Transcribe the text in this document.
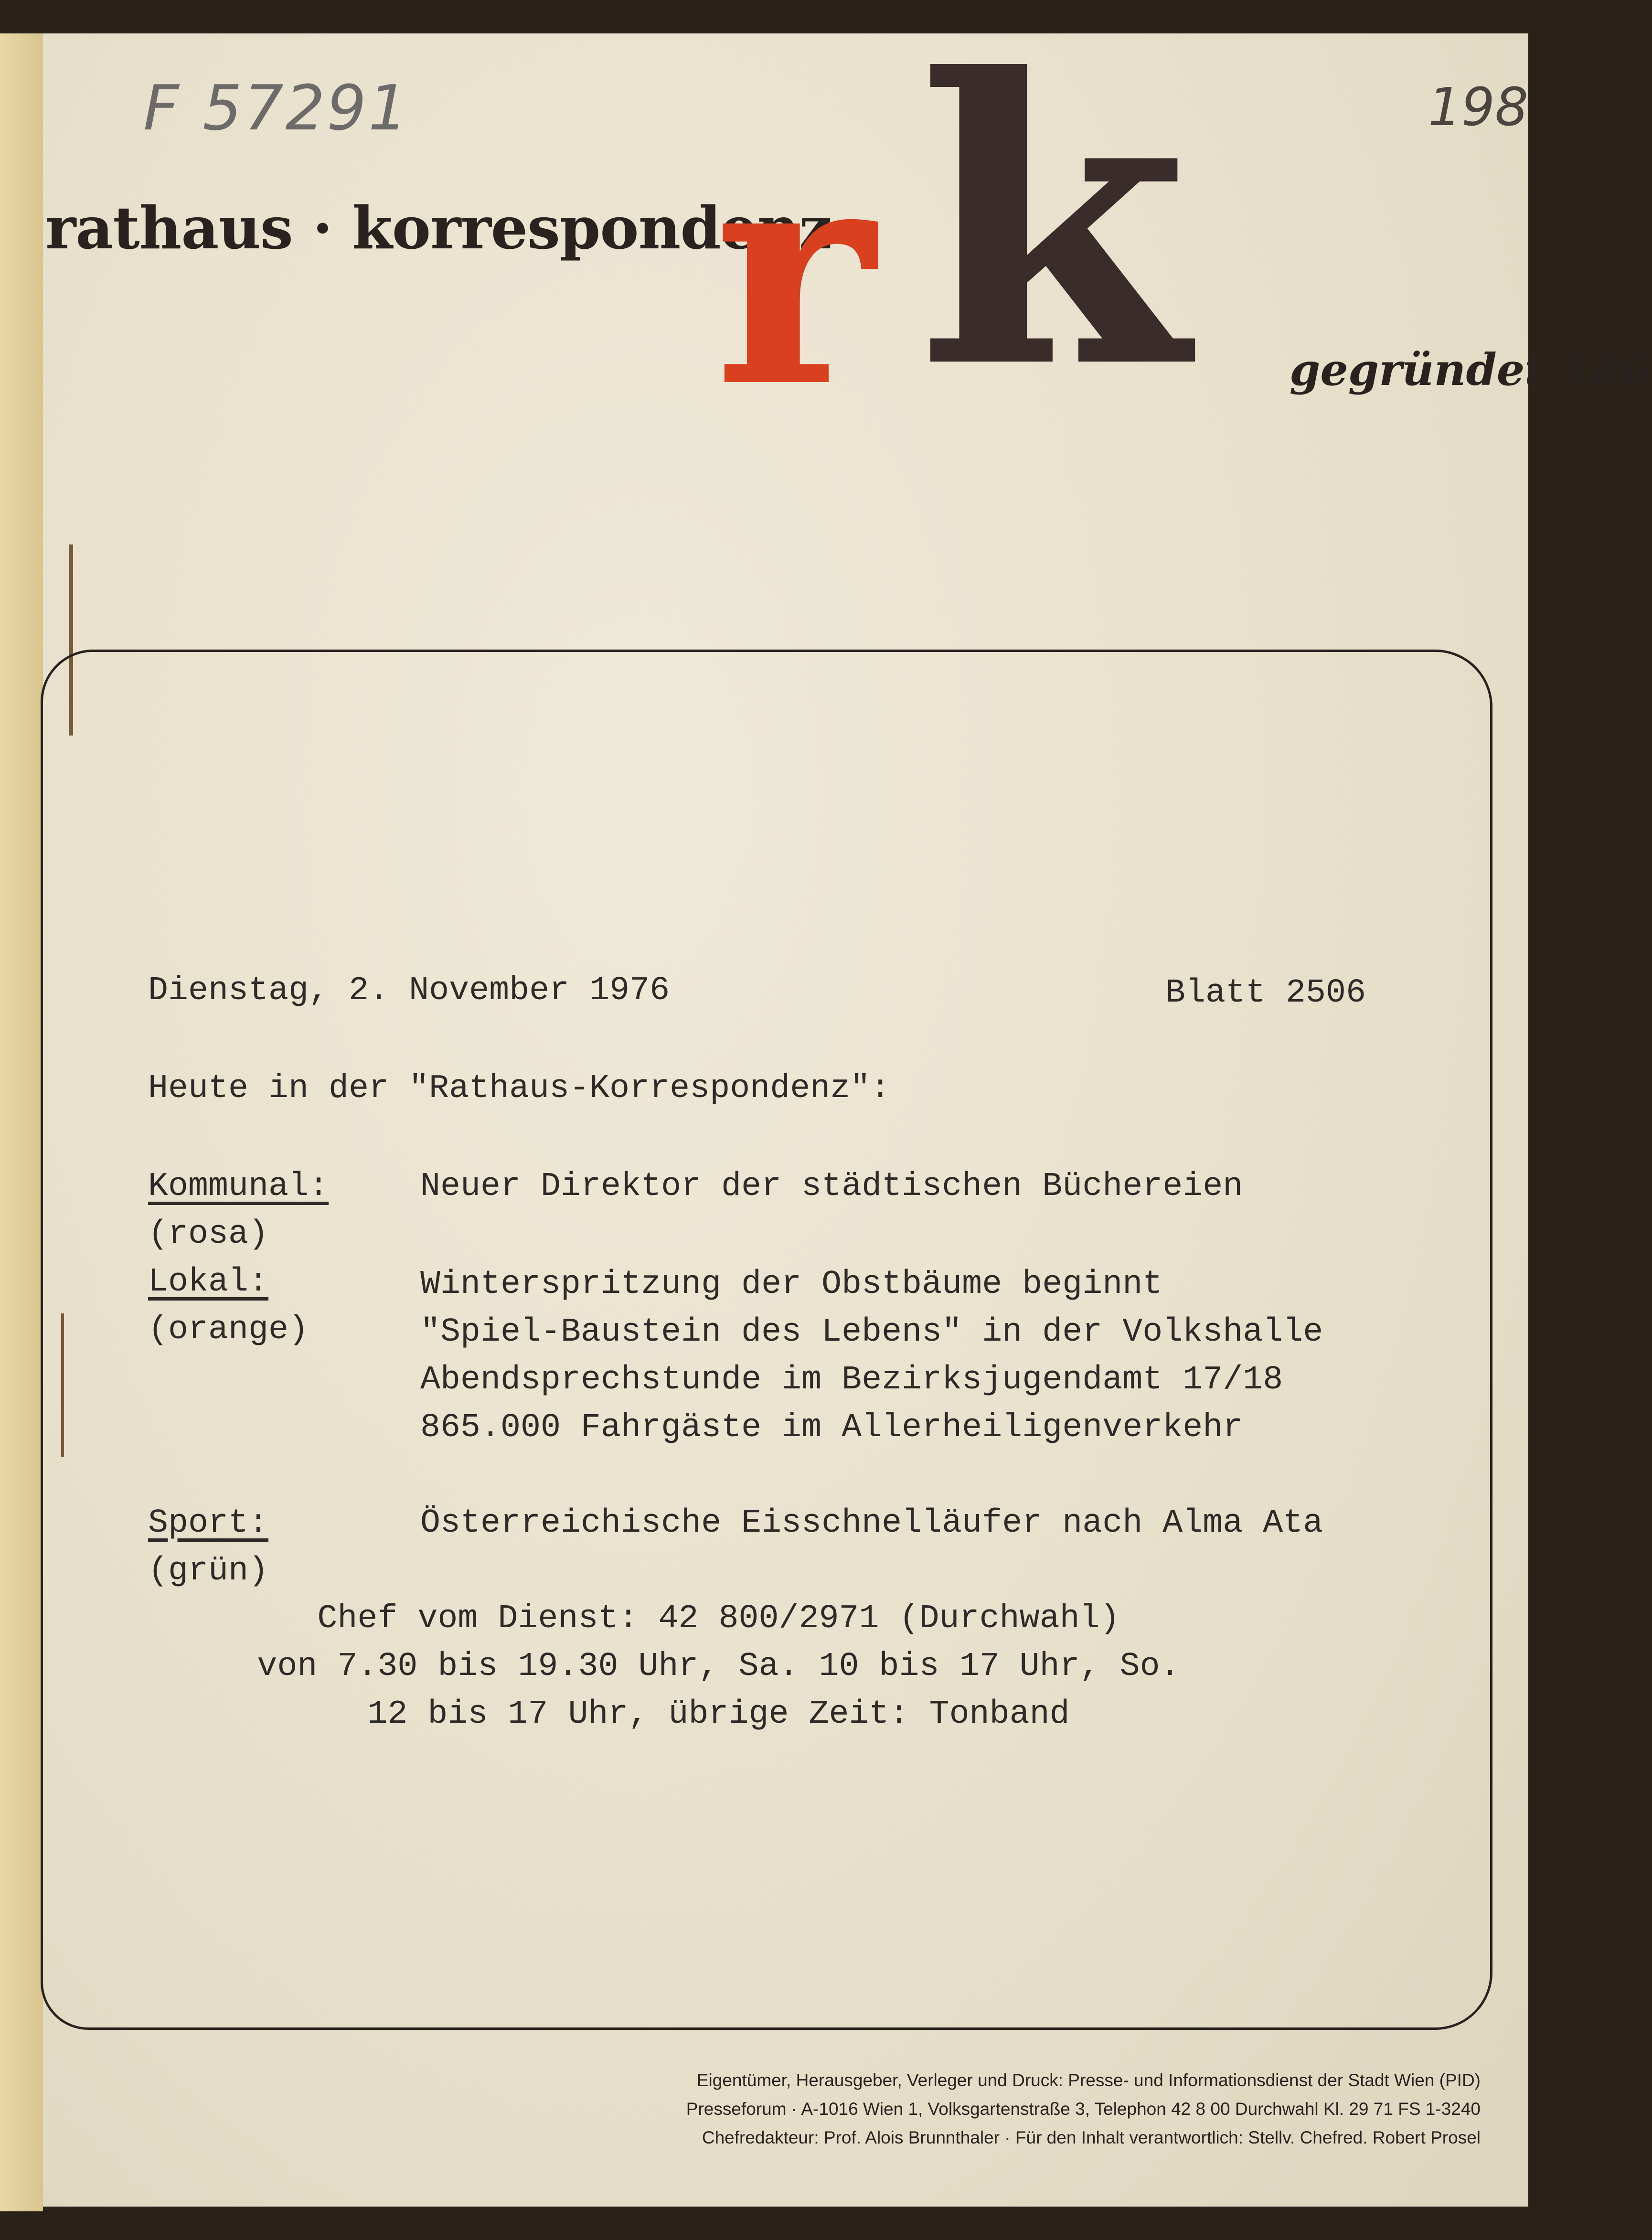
F 57291	198
rathaus · korrespondenz
r k gegründet 186
Dienstag, 2. November 1976	Blatt 2506
Heute in der "Rathaus-Korrespondenz":
Kommunal:
(rosa)
Neuer Direktor der städtischen Büchereien
Lokal:
(orange)
Winterspritzung der Obstbäume beginnt
"Spiel-Baustein des Lebens" in der Volkshalle
Abendsprechstunde im Bezirksjugendamt 17/18
865.000 Fahrgäste im Allerheiligenverkehr
Sport:
(grün)
Österreichische Eisschnelläufer nach Alma Ata
Chef vom Dienst: 42 800/2971 (Durchwahl)
von 7.30 bis 19.30 Uhr, Sa. 10 bis 17 Uhr, So.
12 bis 17 Uhr, übrige Zeit: Tonband
Eigentümer, Herausgeber, Verleger und Druck: Presse- und Informationsdienst der Stadt Wien (PID)
Presseforum · A-1016 Wien 1, Volksgartenstraße 3, Telephon 42 8 00 Durchwahl Kl. 29 71 FS 1-3240
Chefredakteur: Prof. Alois Brunnthaler · Für den Inhalt verantwortlich: Stellv. Chefred. Robert Prosel
